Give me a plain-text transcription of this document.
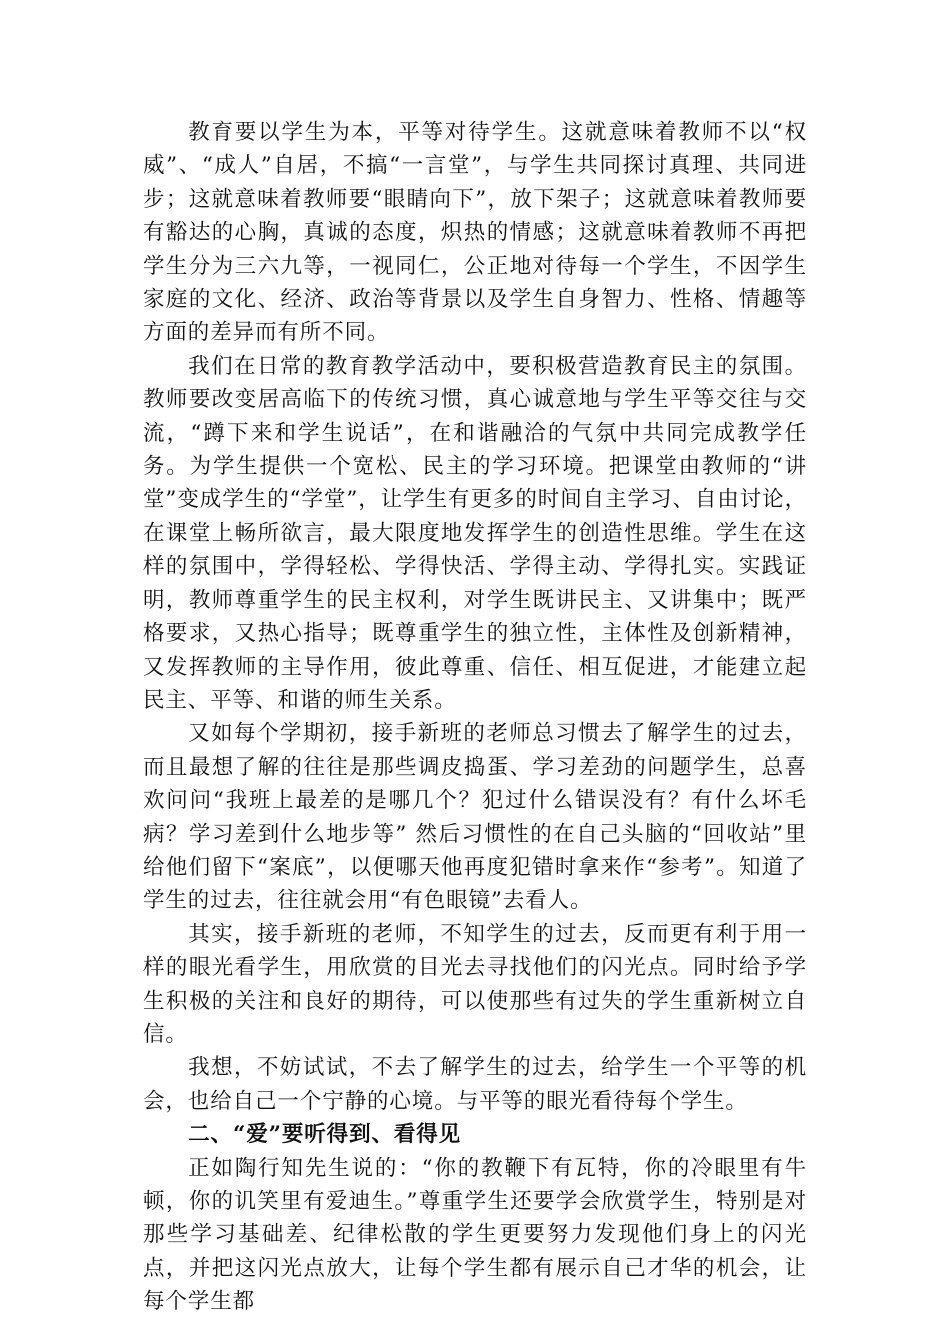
教育要以学生为本，平等对待学生。这就意味着教师不以“权威”、“成人”自居，不搞“一言堂”，与学生共同探讨真理、共同进步；这就意味着教师要“眼睛向下”，放下架子；这就意味着教师要有豁达的心胸，真诚的态度，炽热的情感；这就意味着教师不再把学生分为三六九等，一视同仁，公正地对待每一个学生，不因学生家庭的文化、经济、政治等背景以及学生自身智力、性格、情趣等方面的差异而有所不同。

我们在日常的教育教学活动中，要积极营造教育民主的氛围。教师要改变居高临下的传统习惯，真心诚意地与学生平等交往与交流，“蹲下来和学生说话”，在和谐融洽的气氛中共同完成教学任务。为学生提供一个宽松、民主的学习环境。把课堂由教师的“讲堂”变成学生的“学堂”，让学生有更多的时间自主学习、自由讨论，在课堂上畅所欲言，最大限度地发挥学生的创造性思维。学生在这样的氛围中，学得轻松、学得快活、学得主动、学得扎实。实践证明，教师尊重学生的民主权利，对学生既讲民主、又讲集中；既严格要求，又热心指导；既尊重学生的独立性，主体性及创新精神，又发挥教师的主导作用，彼此尊重、信任、相互促进，才能建立起民主、平等、和谐的师生关系。

又如每个学期初，接手新班的老师总习惯去了解学生的过去，而且最想了解的往往是那些调皮捣蛋、学习差劲的问题学生，总喜欢问问“我班上最差的是哪几个？犯过什么错误没有？有什么坏毛病？学习差到什么地步等” 然后习惯性的在自己头脑的“回收站”里给他们留下“案底”，以便哪天他再度犯错时拿来作“参考”。知道了学生的过去，往往就会用“有色眼镜”去看人。

其实，接手新班的老师，不知学生的过去，反而更有利于用一样的眼光看学生，用欣赏的目光去寻找他们的闪光点。同时给予学生积极的关注和良好的期待，可以使那些有过失的学生重新树立自信。

我想，不妨试试，不去了解学生的过去，给学生一个平等的机会，也给自己一个宁静的心境。与平等的眼光看待每个学生。

二、“爱”要听得到、看得见

正如陶行知先生说的：“你的教鞭下有瓦特，你的冷眼里有牛顿，你的讥笑里有爱迪生。”尊重学生还要学会欣赏学生，特别是对那些学习基础差、纪律松散的学生更要努力发现他们身上的闪光点，并把这闪光点放大，让每个学生都有展示自己才华的机会，让每个学生都
